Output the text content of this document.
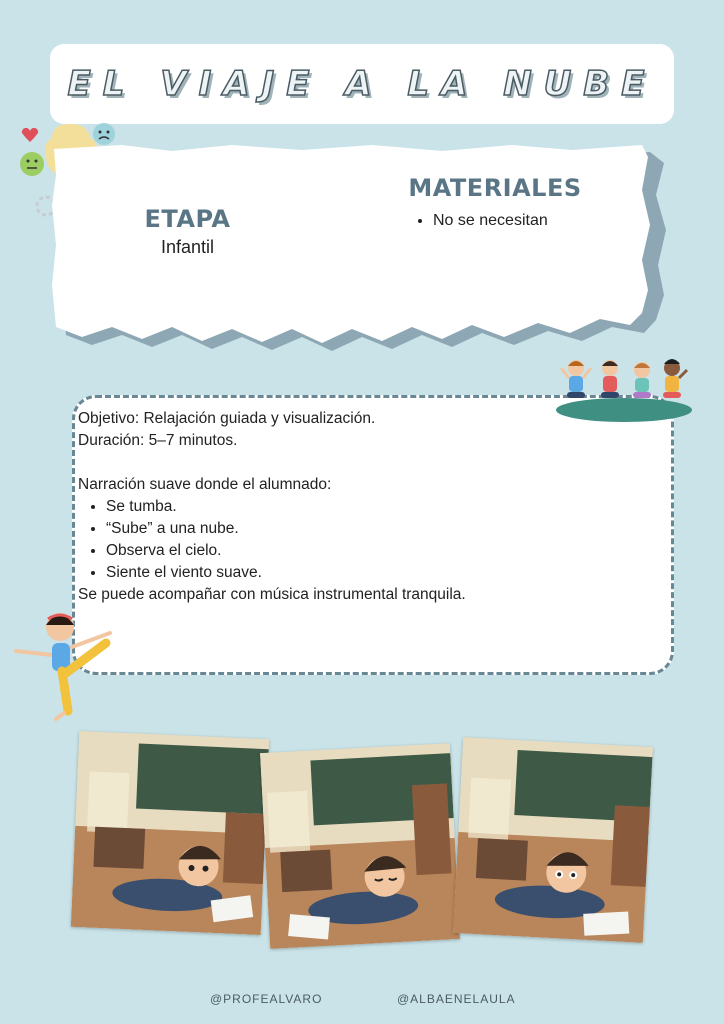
EL VIAJE A LA NUBE
ETAPA

Infantil

MATERIALES
• No se necesitan

Objetivo: Relajación guiada y visualización.

Duración: 5–7 minutos.

Narración suave donde el alumnado:

• Se tumba.
• “Sube” a una nube.
• Observa el cielo.
• Siente el viento suave.

Se puede acompañar con música instrumental tranquila.

@PROFEALVARO	@ALBAENELAULA
